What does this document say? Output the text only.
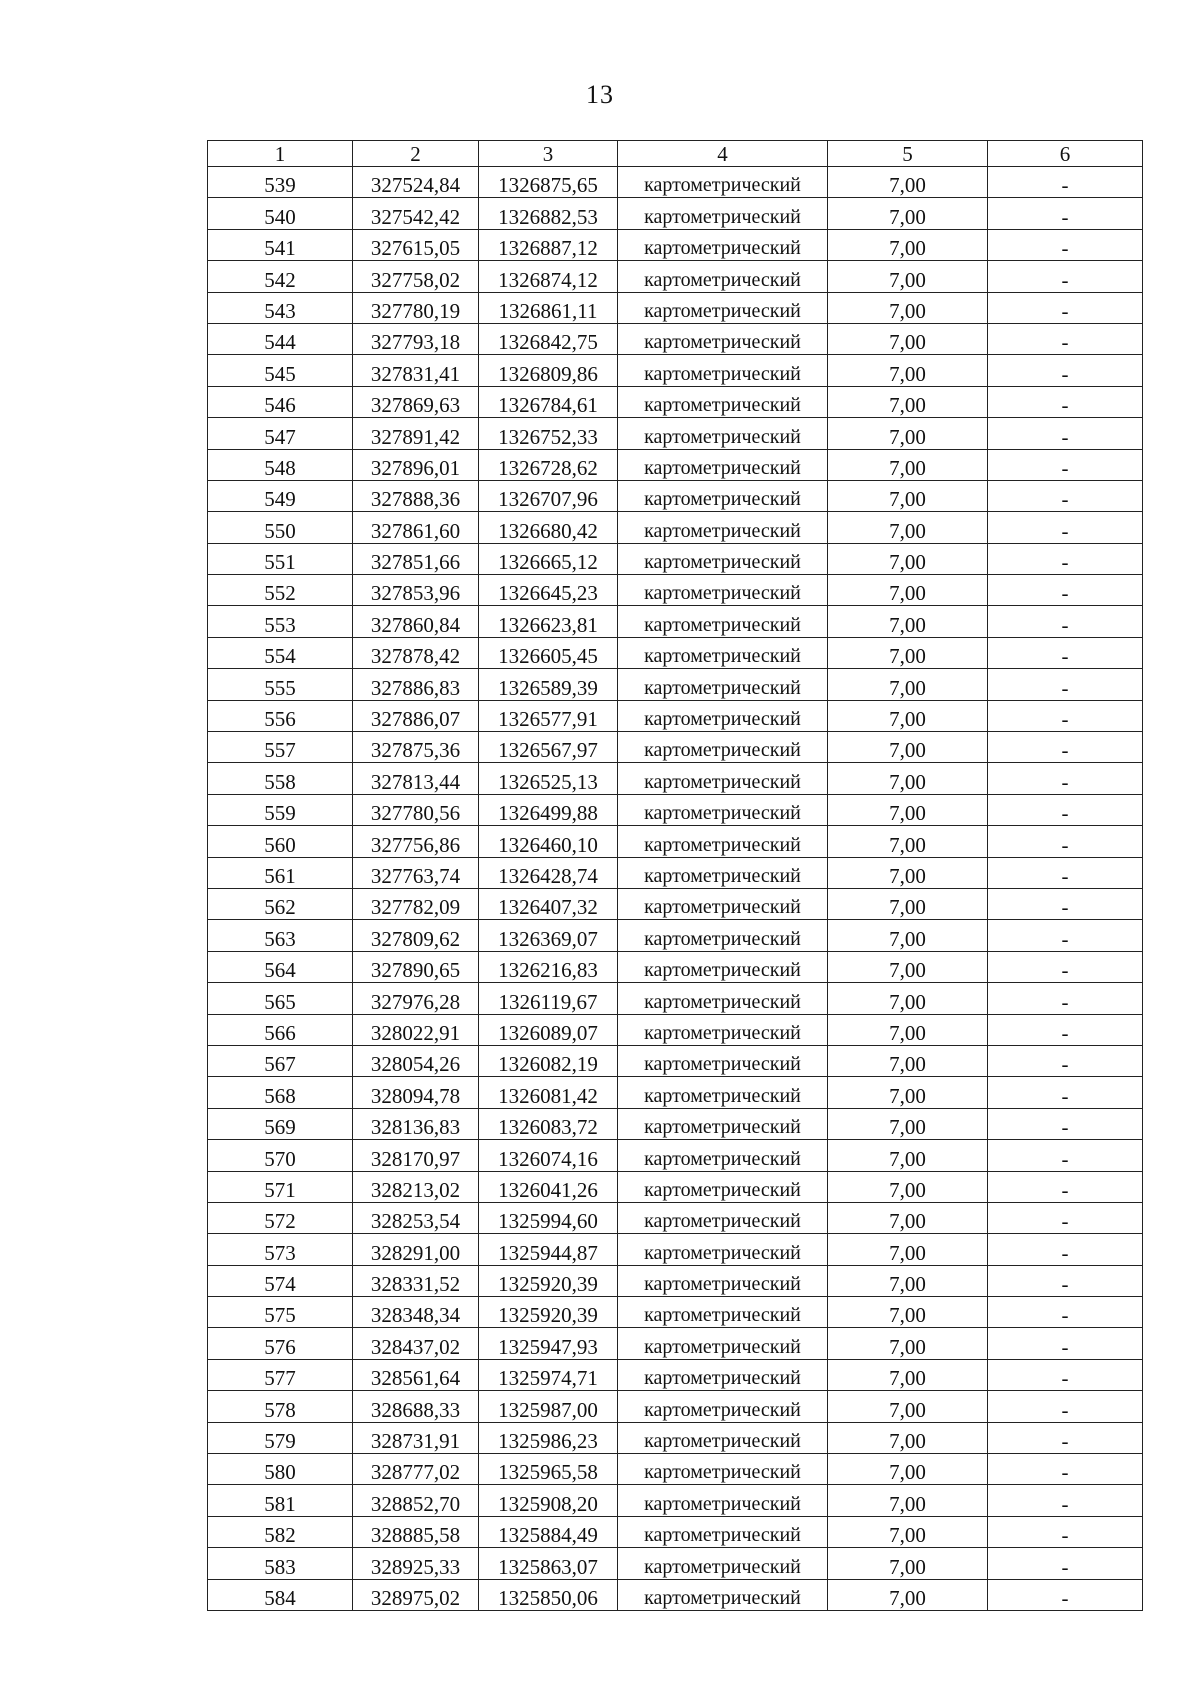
13
1	2	3	4	5	6
539	327524,84	1326875,65	картометрический	7,00	-
540	327542,42	1326882,53	картометрический	7,00	-
541	327615,05	1326887,12	картометрический	7,00	-
542	327758,02	1326874,12	картометрический	7,00	-
543	327780,19	1326861,11	картометрический	7,00	-
544	327793,18	1326842,75	картометрический	7,00	-
545	327831,41	1326809,86	картометрический	7,00	-
546	327869,63	1326784,61	картометрический	7,00	-
547	327891,42	1326752,33	картометрический	7,00	-
548	327896,01	1326728,62	картометрический	7,00	-
549	327888,36	1326707,96	картометрический	7,00	-
550	327861,60	1326680,42	картометрический	7,00	-
551	327851,66	1326665,12	картометрический	7,00	-
552	327853,96	1326645,23	картометрический	7,00	-
553	327860,84	1326623,81	картометрический	7,00	-
554	327878,42	1326605,45	картометрический	7,00	-
555	327886,83	1326589,39	картометрический	7,00	-
556	327886,07	1326577,91	картометрический	7,00	-
557	327875,36	1326567,97	картометрический	7,00	-
558	327813,44	1326525,13	картометрический	7,00	-
559	327780,56	1326499,88	картометрический	7,00	-
560	327756,86	1326460,10	картометрический	7,00	-
561	327763,74	1326428,74	картометрический	7,00	-
562	327782,09	1326407,32	картометрический	7,00	-
563	327809,62	1326369,07	картометрический	7,00	-
564	327890,65	1326216,83	картометрический	7,00	-
565	327976,28	1326119,67	картометрический	7,00	-
566	328022,91	1326089,07	картометрический	7,00	-
567	328054,26	1326082,19	картометрический	7,00	-
568	328094,78	1326081,42	картометрический	7,00	-
569	328136,83	1326083,72	картометрический	7,00	-
570	328170,97	1326074,16	картометрический	7,00	-
571	328213,02	1326041,26	картометрический	7,00	-
572	328253,54	1325994,60	картометрический	7,00	-
573	328291,00	1325944,87	картометрический	7,00	-
574	328331,52	1325920,39	картометрический	7,00	-
575	328348,34	1325920,39	картометрический	7,00	-
576	328437,02	1325947,93	картометрический	7,00	-
577	328561,64	1325974,71	картометрический	7,00	-
578	328688,33	1325987,00	картометрический	7,00	-
579	328731,91	1325986,23	картометрический	7,00	-
580	328777,02	1325965,58	картометрический	7,00	-
581	328852,70	1325908,20	картометрический	7,00	-
582	328885,58	1325884,49	картометрический	7,00	-
583	328925,33	1325863,07	картометрический	7,00	-
584	328975,02	1325850,06	картометрический	7,00	-
